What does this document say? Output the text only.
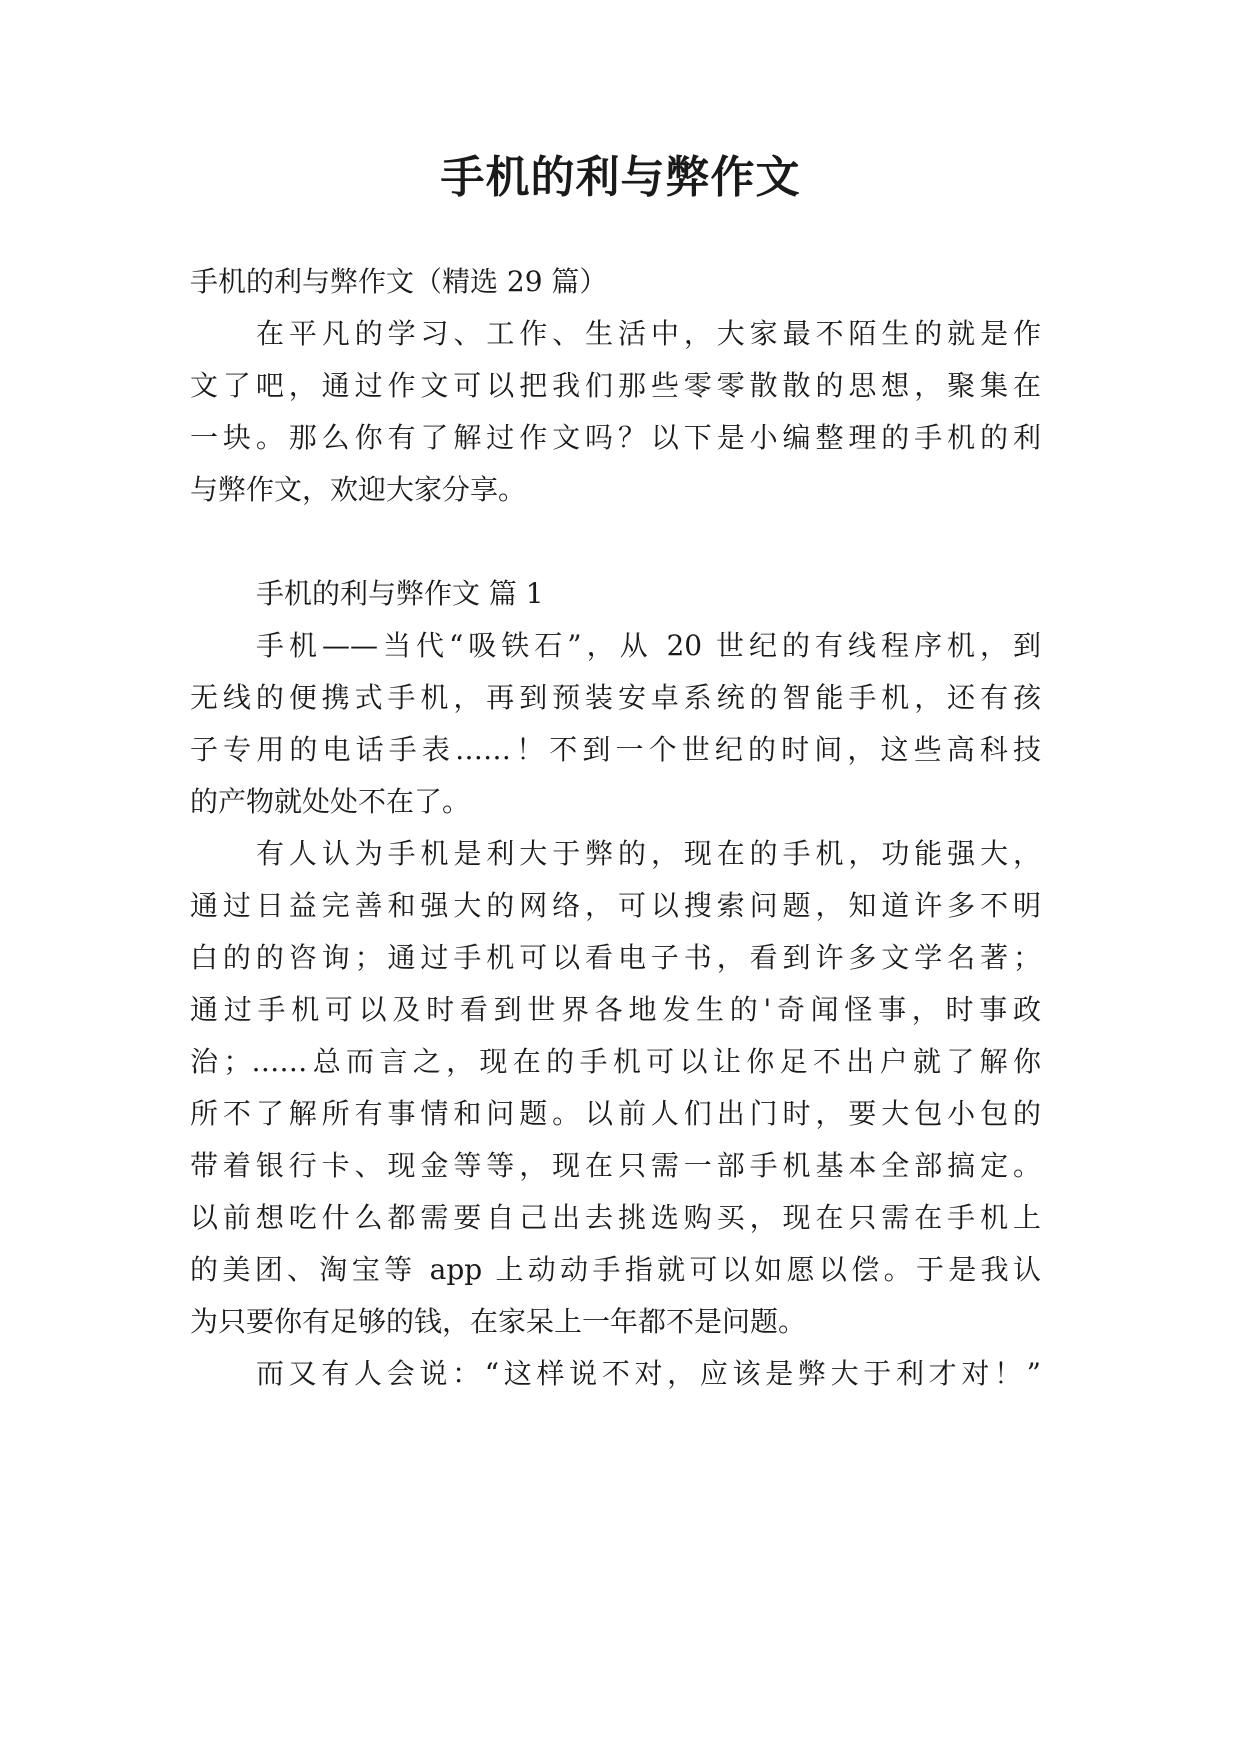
手机的利与弊作文
手机的利与弊作文（精选 29 篇）
在平凡的学习、工作、生活中，大家最不陌生的就是作
文了吧，通过作文可以把我们那些零零散散的思想，聚集在
一块。那么你有了解过作文吗？以下是小编整理的手机的利
与弊作文，欢迎大家分享。
手机的利与弊作文 篇 1
手机——当代“吸铁石”，从 20 世纪的有线程序机，到
无线的便携式手机，再到预装安卓系统的智能手机，还有孩
子专用的电话手表……！不到一个世纪的时间，这些高科技
的产物就处处不在了。
有人认为手机是利大于弊的，现在的手机，功能强大，
通过日益完善和强大的网络，可以搜索问题，知道许多不明
白的的咨询；通过手机可以看电子书，看到许多文学名著；
通过手机可以及时看到世界各地发生的'奇闻怪事，时事政
治；……总而言之，现在的手机可以让你足不出户就了解你
所不了解所有事情和问题。以前人们出门时，要大包小包的
带着银行卡、现金等等，现在只需一部手机基本全部搞定。
以前想吃什么都需要自己出去挑选购买，现在只需在手机上
的美团、淘宝等 app 上动动手指就可以如愿以偿。于是我认
为只要你有足够的钱，在家呆上一年都不是问题。
而又有人会说：“这样说不对，应该是弊大于利才对！”
